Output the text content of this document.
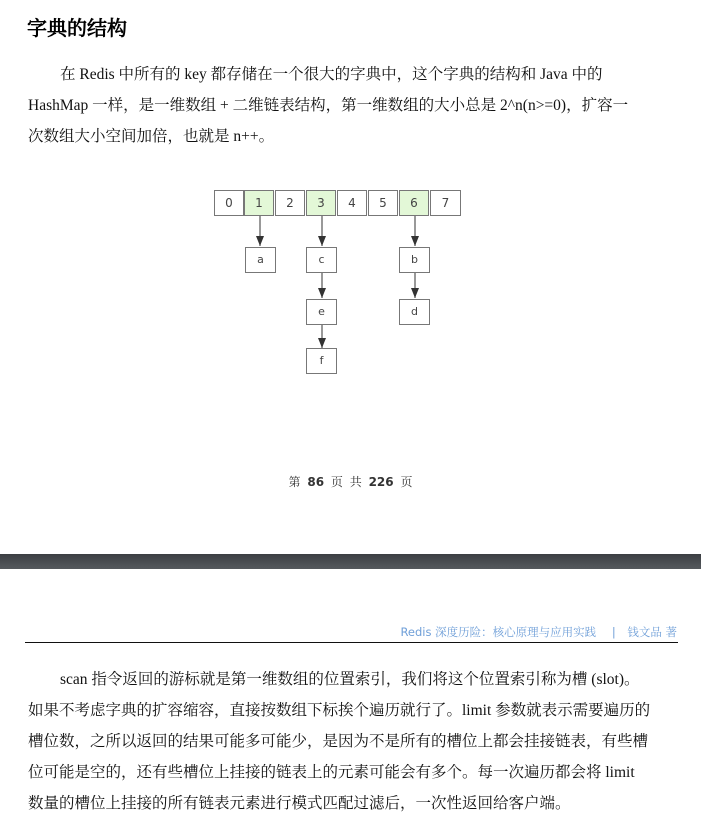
字典的结构

在 Redis 中所有的 key 都存储在一个很大的字典中，这个字典的结构和 Java 中的
HashMap 一样，是一维数组 + 二维链表结构，第一维数组的大小总是 2^n(n>=0)，扩容一
次数组大小空间加倍，也就是 n++。

0	1	2	3	4	5	6	7
a	c
e
f
b
d
第 86 页 共 226 页
Redis 深度历险：核心原理与应用实践 | 钱文品 著

scan 指令返回的游标就是第一维数组的位置索引，我们将这个位置索引称为槽 (slot)。
如果不考虑字典的扩容缩容，直接按数组下标挨个遍历就行了。limit 参数就表示需要遍历的
槽位数，之所以返回的结果可能多可能少，是因为不是所有的槽位上都会挂接链表，有些槽
位可能是空的，还有些槽位上挂接的链表上的元素可能会有多个。每一次遍历都会将 limit
数量的槽位上挂接的所有链表元素进行模式匹配过滤后，一次性返回给客户端。
